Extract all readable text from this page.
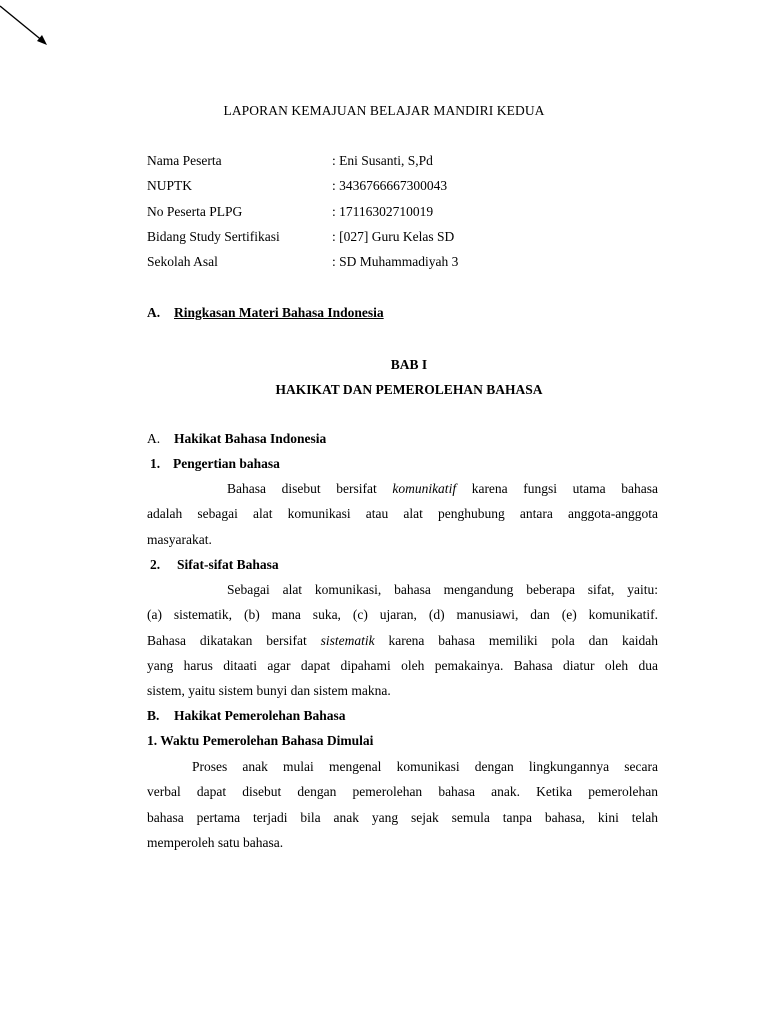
LAPORAN KEMAJUAN BELAJAR MANDIRI KEDUA
Nama Peserta	: Eni Susanti, S,Pd
NUPTK	: 3436766667300043
No Peserta PLPG	: 17116302710019
Bidang Study Sertifikasi	: [027] Guru Kelas SD
Sekolah Asal	: SD Muhammadiyah 3
A. Ringkasan Materi Bahasa Indonesia
BAB I
HAKIKAT DAN PEMEROLEHAN BAHASA
A. Hakikat Bahasa Indonesia
1. Pengertian bahasa
Bahasa disebut bersifat komunikatif karena fungsi utama bahasa
adalah sebagai alat komunikasi atau alat penghubung antara anggota-anggota
masyarakat.
2. Sifat-sifat Bahasa
Sebagai alat komunikasi, bahasa mengandung beberapa sifat, yaitu:
(a) sistematik, (b) mana suka, (c) ujaran, (d) manusiawi, dan (e) komunikatif.
Bahasa dikatakan bersifat sistematik karena bahasa memiliki pola dan kaidah
yang harus ditaati agar dapat dipahami oleh pemakainya. Bahasa diatur oleh dua
sistem, yaitu sistem bunyi dan sistem makna.
B. Hakikat Pemerolehan Bahasa
1. Waktu Pemerolehan Bahasa Dimulai
Proses anak mulai mengenal komunikasi dengan lingkungannya secara
verbal dapat disebut dengan pemerolehan bahasa anak. Ketika pemerolehan
bahasa pertama terjadi bila anak yang sejak semula tanpa bahasa, kini telah
memperoleh satu bahasa.
